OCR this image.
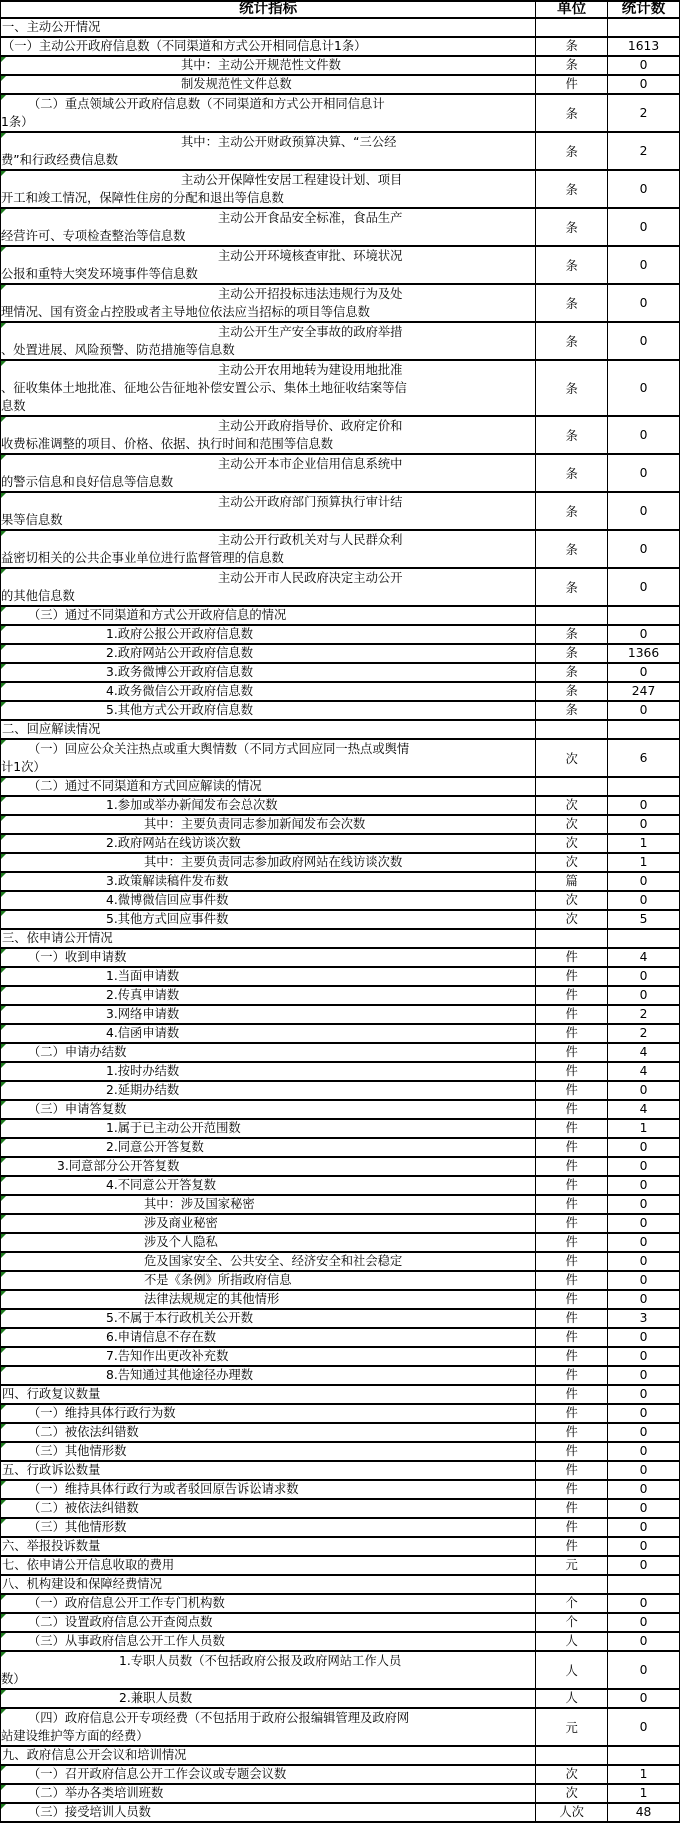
统计指标	单位	统计数
一、主动公开情况
（一）主动公开政府信息数（不同渠道和方式公开相同信息计1条）	条	1613
其中：主动公开规范性文件数	条	0
制发规范性文件总数	件	0
（二）重点领域公开政府信息数（不同渠道和方式公开相同信息计
1条）
条	2
其中：主动公开财政预算决算、“三公经
费”和行政经费信息数
条	2
主动公开保障性安居工程建设计划、项目
开工和竣工情况，保障性住房的分配和退出等信息数
条	0
主动公开食品安全标准，食品生产
经营许可、专项检查整治等信息数
条	0
主动公开环境核查审批、环境状况
公报和重特大突发环境事件等信息数
条	0
主动公开招投标违法违规行为及处
理情况、国有资金占控股或者主导地位依法应当招标的项目等信息数
条	0
主动公开生产安全事故的政府举措
、处置进展、风险预警、防范措施等信息数
条	0
主动公开农用地转为建设用地批准
、征收集体土地批准、征地公告征地补偿安置公示、集体土地征收结案等信
息数
条	0
主动公开政府指导价、政府定价和
收费标准调整的项目、价格、依据、执行时间和范围等信息数
条	0
主动公开本市企业信用信息系统中
的警示信息和良好信息等信息数
条	0
主动公开政府部门预算执行审计结
果等信息数
条	0
主动公开行政机关对与人民群众利
益密切相关的公共企事业单位进行监督管理的信息数
条	0
主动公开市人民政府决定主动公开
的其他信息数
条	0
（三）通过不同渠道和方式公开政府信息的情况
1.政府公报公开政府信息数	条	0
2.政府网站公开政府信息数	条	1366
3.政务微博公开政府信息数	条	0
4.政务微信公开政府信息数	条	247
5.其他方式公开政府信息数	条	0
二、回应解读情况
（一）回应公众关注热点或重大舆情数（不同方式回应同一热点或舆情
计1次）
次	6
（二）通过不同渠道和方式回应解读的情况
1.参加或举办新闻发布会总次数	次	0
其中：主要负责同志参加新闻发布会次数	次	0
2.政府网站在线访谈次数	次	1
其中：主要负责同志参加政府网站在线访谈次数	次	1
3.政策解读稿件发布数	篇	0
4.微博微信回应事件数	次	0
5.其他方式回应事件数	次	5
三、依申请公开情况
（一）收到申请数	件	4
1.当面申请数	件	0
2.传真申请数	件	0
3.网络申请数	件	2
4.信函申请数	件	2
（二）申请办结数	件	4
1.按时办结数	件	4
2.延期办结数	件	0
（三）申请答复数	件	4
1.属于已主动公开范围数	件	1
2.同意公开答复数	件	0
3.同意部分公开答复数	件	0
4.不同意公开答复数	件	0
其中：涉及国家秘密	件	0
涉及商业秘密	件	0
涉及个人隐私	件	0
危及国家安全、公共安全、经济安全和社会稳定	件	0
不是《条例》所指政府信息	件	0
法律法规规定的其他情形	件	0
5.不属于本行政机关公开数	件	3
6.申请信息不存在数	件	0
7.告知作出更改补充数	件	0
8.告知通过其他途径办理数	件	0
四、行政复议数量	件	0
（一）维持具体行政行为数	件	0
（二）被依法纠错数	件	0
（三）其他情形数	件	0
五、行政诉讼数量	件	0
（一）维持具体行政行为或者驳回原告诉讼请求数	件	0
（二）被依法纠错数	件	0
（三）其他情形数	件	0
六、举报投诉数量	件	0
七、依申请公开信息收取的费用	元	0
八、机构建设和保障经费情况
（一）政府信息公开工作专门机构数	个	0
（二）设置政府信息公开查阅点数	个	0
（三）从事政府信息公开工作人员数	人	0
1.专职人员数（不包括政府公报及政府网站工作人员
数）
人	0
2.兼职人员数	人	0
（四）政府信息公开专项经费（不包括用于政府公报编辑管理及政府网
站建设维护等方面的经费）
元	0
九、政府信息公开会议和培训情况
（一）召开政府信息公开工作会议或专题会议数	次	1
（二）举办各类培训班数	次	1
（三）接受培训人员数	人次	48
